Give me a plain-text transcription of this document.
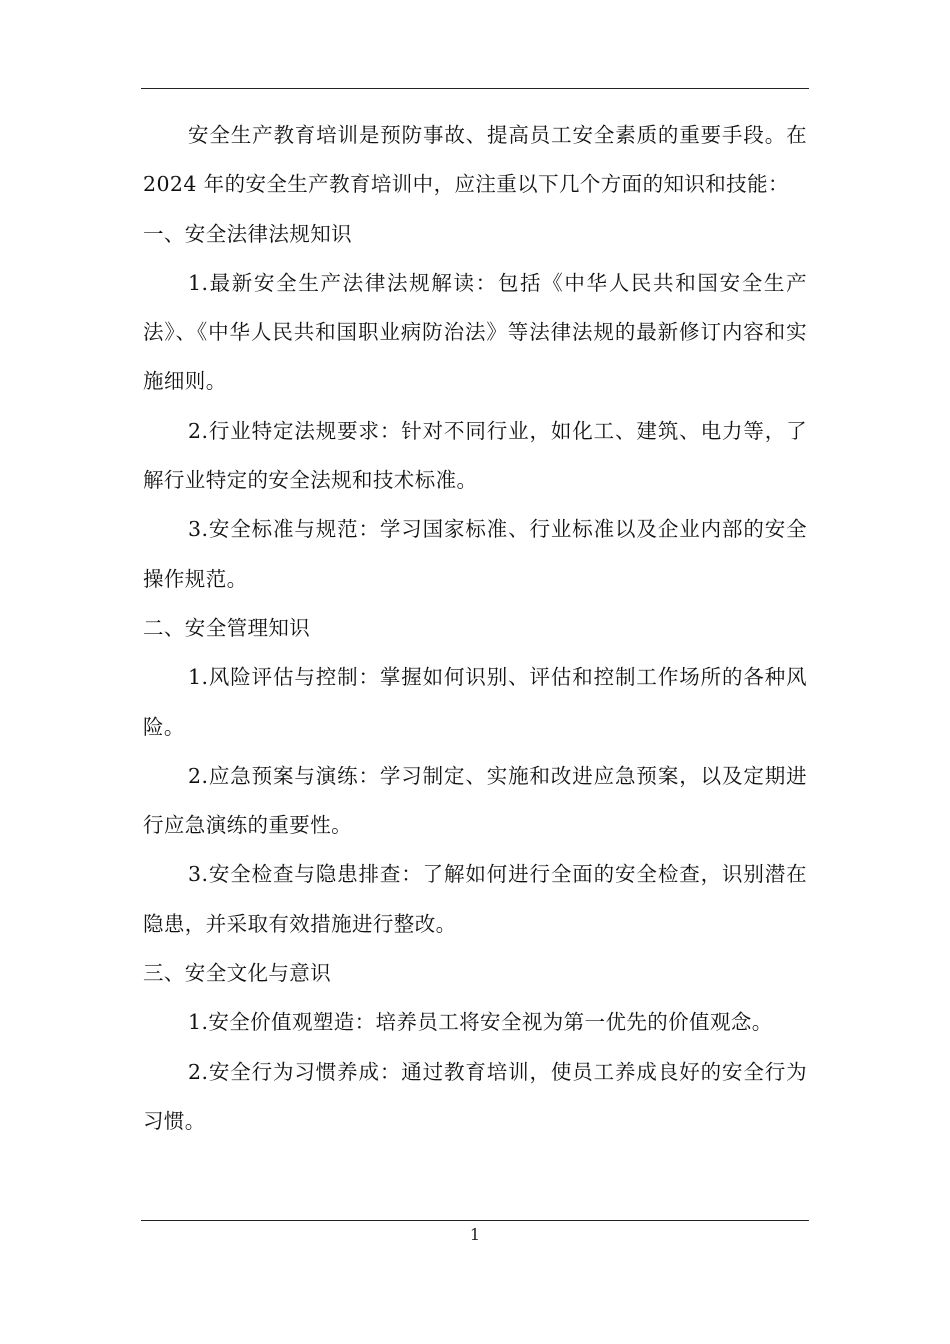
安全生产教育培训是预防事故、提高员工安全素质的重要手段。在 2024 年的安全生产教育培训中，应注重以下几个方面的知识和技能：

一、安全法律法规知识

1.最新安全生产法律法规解读：包括《中华人民共和国安全生产法》、《中华人民共和国职业病防治法》等法律法规的最新修订内容和实施细则。

2.行业特定法规要求：针对不同行业，如化工、建筑、电力等，了解行业特定的安全法规和技术标准。

3.安全标准与规范：学习国家标准、行业标准以及企业内部的安全操作规范。

二、安全管理知识

1.风险评估与控制：掌握如何识别、评估和控制工作场所的各种风险。

2.应急预案与演练：学习制定、实施和改进应急预案，以及定期进行应急演练的重要性。

3.安全检查与隐患排查：了解如何进行全面的安全检查，识别潜在隐患，并采取有效措施进行整改。

三、安全文化与意识

1.安全价值观塑造：培养员工将安全视为第一优先的价值观念。

2.安全行为习惯养成：通过教育培训，使员工养成良好的安全行为习惯。

1
